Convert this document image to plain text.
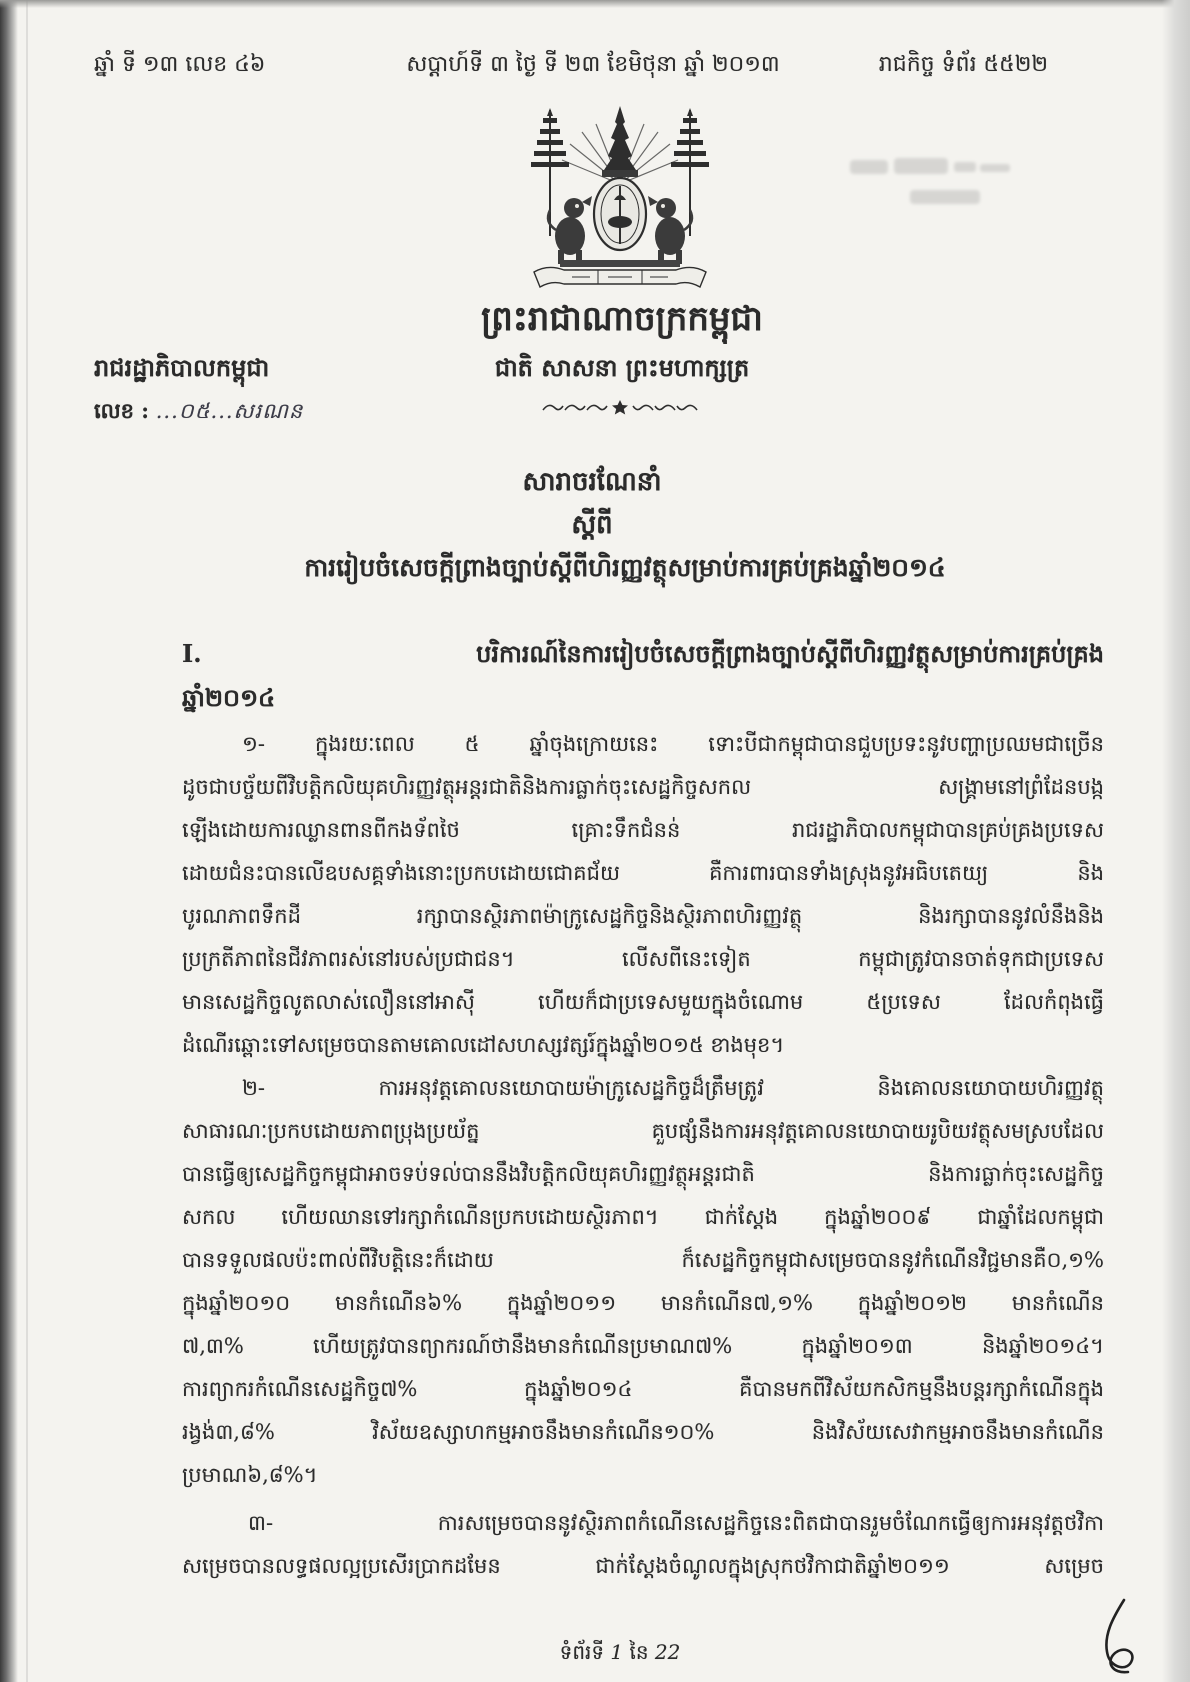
ឆ្នាំ ទី ១៣ លេខ ៤៦	សប្តាហ៍ទី ៣ ថ្ងៃ ទី ២៣ ខែមិថុនា ឆ្នាំ ២០១៣	រាជកិច្ច ទំព័រ ៥៥២២
ព្រះរាជាណាចក្រកម្ពុជា
ជាតិ សាសនា ព្រះមហាក្សត្រ
រាជរដ្ឋាភិបាលកម្ពុជា
លេខ : ...០៥...សរណន
សារាចរណែនាំ
ស្តីពី
ការរៀបចំសេចក្តីព្រាងច្បាប់ស្តីពីហិរញ្ញវត្ថុសម្រាប់ការគ្រប់គ្រងឆ្នាំ២០១៤
I. បរិការណ៍នៃការរៀបចំសេចក្តីព្រាងច្បាប់ស្តីពីហិរញ្ញវត្ថុសម្រាប់ការគ្រប់គ្រង
ឆ្នាំ២០១៤
១- ក្នុងរយៈពេល ៥ ឆ្នាំចុងក្រោយនេះ ទោះបីជាកម្ពុជាបានជួបប្រទះនូវបញ្ហាប្រឈមជាច្រើន
ដូចជាបច្ច័យពីវិបត្តិកលិយុគហិរញ្ញវត្ថុអន្តរជាតិនិងការធ្លាក់ចុះសេដ្ឋកិច្ចសកល សង្គ្រាមនៅព្រំដែនបង្ក
ឡើងដោយការឈ្លានពានពីកងទ័ពថៃ គ្រោះទឹកជំនន់ រាជរដ្ឋាភិបាលកម្ពុជាបានគ្រប់គ្រងប្រទេស
ដោយជំនះបានលើឧបសគ្គទាំងនោះប្រកបដោយជោគជ័យ គឺការពារបានទាំងស្រុងនូវអធិបតេយ្យ និង
បូរណភាពទឹកដី រក្សាបានស្ថិរភាពម៉ាក្រូសេដ្ឋកិច្ចនិងស្ថិរភាពហិរញ្ញវត្ថុ និងរក្សាបាននូវលំនឹងនិង
ប្រក្រតីភាពនៃជីវភាពរស់នៅរបស់ប្រជាជន។ លើសពីនេះទៀត កម្ពុជាត្រូវបានចាត់ទុកជាប្រទេស
មានសេដ្ឋកិច្ចលូតលាស់លឿននៅអាស៊ី ហើយក៏ជាប្រទេសមួយក្នុងចំណោម ៥ប្រទេស ដែលកំពុងធ្វើ
ដំណើរឆ្ពោះទៅសម្រេចបានតាមគោលដៅសហស្សវត្សរ៍ក្នុងឆ្នាំ២០១៥ ខាងមុខ។
២- ការអនុវត្តគោលនយោបាយម៉ាក្រូសេដ្ឋកិច្ចដ៏ត្រឹមត្រូវ និងគោលនយោបាយហិរញ្ញវត្ថុ
សាធារណៈប្រកបដោយភាពប្រុងប្រយ័ត្ន គួបផ្សំនឹងការអនុវត្តគោលនយោបាយរូបិយវត្ថុសមស្របដែល
បានធ្វើឲ្យសេដ្ឋកិច្ចកម្ពុជាអាចទប់ទល់បាននឹងវិបត្តិកលិយុគហិរញ្ញវត្ថុអន្តរជាតិ និងការធ្លាក់ចុះសេដ្ឋកិច្ច
សកល ហើយឈានទៅរក្សាកំណើនប្រកបដោយស្ថិរភាព។ ជាក់ស្តែង ក្នុងឆ្នាំ២០០៩ ជាឆ្នាំដែលកម្ពុជា
បានទទួលផលប៉ះពាល់ពីវិបត្តិនេះក៏ដោយ ក៏សេដ្ឋកិច្ចកម្ពុជាសម្រេចបាននូវកំណើនវិជ្ជមានគឺ០,១%
ក្នុងឆ្នាំ២០១០ មានកំណើន៦% ក្នុងឆ្នាំ២០១១ មានកំណើន៧,១% ក្នុងឆ្នាំ២០១២ មានកំណើន
៧,៣% ហើយត្រូវបានព្យាករណ៍ថានឹងមានកំណើនប្រមាណ៧% ក្នុងឆ្នាំ២០១៣ និងឆ្នាំ២០១៤។
ការព្យាករកំណើនសេដ្ឋកិច្ច៧% ក្នុងឆ្នាំ២០១៤ គឺបានមកពីវិស័យកសិកម្មនឹងបន្តរក្សាកំណើនក្នុង
រង្វង់៣,៨% វិស័យឧស្សាហកម្មអាចនឹងមានកំណើន១០% និងវិស័យសេវាកម្មអាចនឹងមានកំណើន
ប្រមាណ៦,៨%។
៣- ការសម្រេចបាននូវស្ថិរភាពកំណើនសេដ្ឋកិច្ចនេះពិតជាបានរួមចំណែកធ្វើឲ្យការអនុវត្តថវិកា
សម្រេចបានលទ្ធផលល្អប្រសើរប្រាកដមែន ជាក់ស្តែងចំណូលក្នុងស្រុកថវិកាជាតិឆ្នាំ២០១១ សម្រេច
ទំព័រទី 1 នៃ 22
